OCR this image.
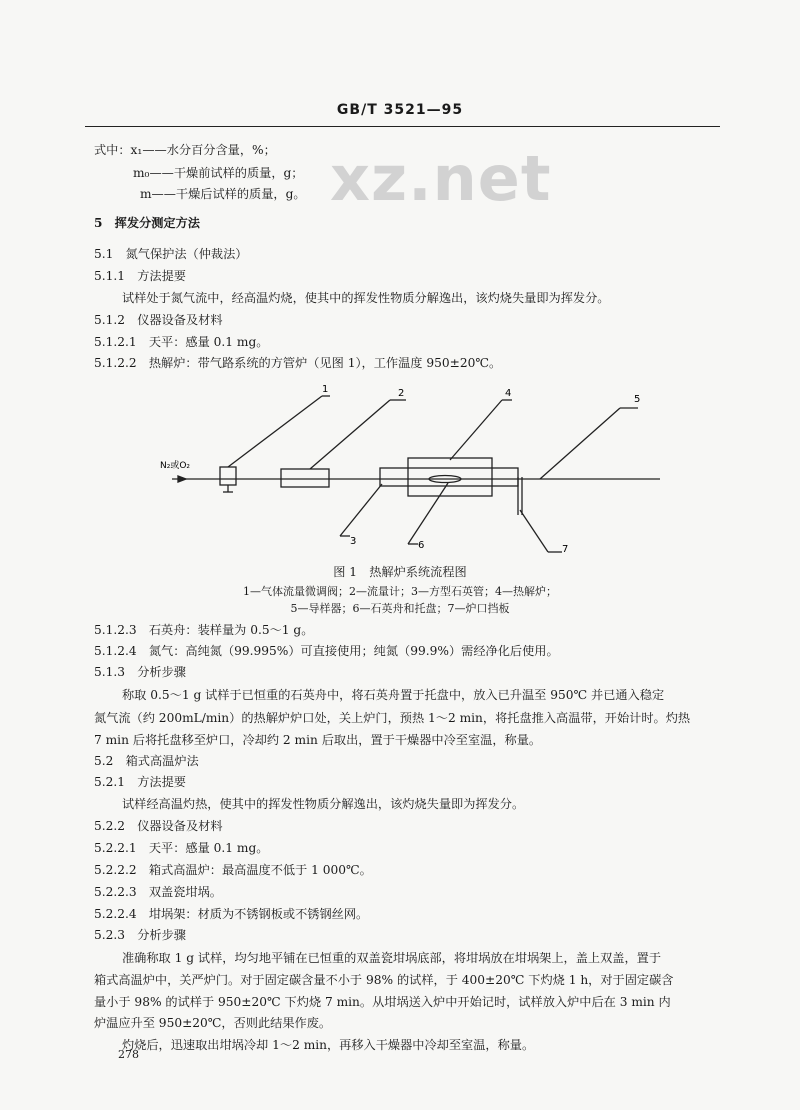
xz.net
GB/T 3521—95
式中：x₁——水分百分含量，%；
m₀——干燥前试样的质量，g；
m——干燥后试样的质量，g。
5　挥发分测定方法
5.1　氮气保护法（仲裁法）
5.1.1　方法提要
试样处于氮气流中，经高温灼烧，使其中的挥发性物质分解逸出，该灼烧失量即为挥发分。
5.1.2　仪器设备及材料
5.1.2.1　天平：感量 0.1 mg。
5.1.2.2　热解炉：带气路系统的方管炉（见图 1），工作温度 950±20℃。
N₂或O₂
1	2
3
4
5
6	7
图 1　热解炉系统流程图
1—气体流量微调阀；2—流量计；3—方型石英管；4—热解炉；
5—导样器；6—石英舟和托盘；7—炉口挡板
5.1.2.3　石英舟：装样量为 0.5～1 g。
5.1.2.4　氮气：高纯氮（99.995%）可直接使用；纯氮（99.9%）需经净化后使用。
5.1.3　分析步骤
称取 0.5～1 g 试样于已恒重的石英舟中，将石英舟置于托盘中，放入已升温至 950℃ 并已通入稳定
氮气流（约 200mL/min）的热解炉炉口处，关上炉门，预热 1～2 min，将托盘推入高温带，开始计时。灼热
7 min 后将托盘移至炉口，冷却约 2 min 后取出，置于干燥器中冷至室温，称量。
5.2　箱式高温炉法
5.2.1　方法提要
试样经高温灼热，使其中的挥发性物质分解逸出，该灼烧失量即为挥发分。
5.2.2　仪器设备及材料
5.2.2.1　天平：感量 0.1 mg。
5.2.2.2　箱式高温炉：最高温度不低于 1 000℃。
5.2.2.3　双盖瓷坩埚。
5.2.2.4　坩埚架：材质为不锈钢板或不锈钢丝网。
5.2.3　分析步骤
准确称取 1 g 试样，均匀地平铺在已恒重的双盖瓷坩埚底部，将坩埚放在坩埚架上，盖上双盖，置于
箱式高温炉中，关严炉门。对于固定碳含量不小于 98% 的试样，于 400±20℃ 下灼烧 1 h，对于固定碳含
量小于 98% 的试样于 950±20℃ 下灼烧 7 min。从坩埚送入炉中开始记时，试样放入炉中后在 3 min 内
炉温应升至 950±20℃，否则此结果作废。
灼烧后，迅速取出坩埚冷却 1～2 min，再移入干燥器中冷却至室温，称量。
278
